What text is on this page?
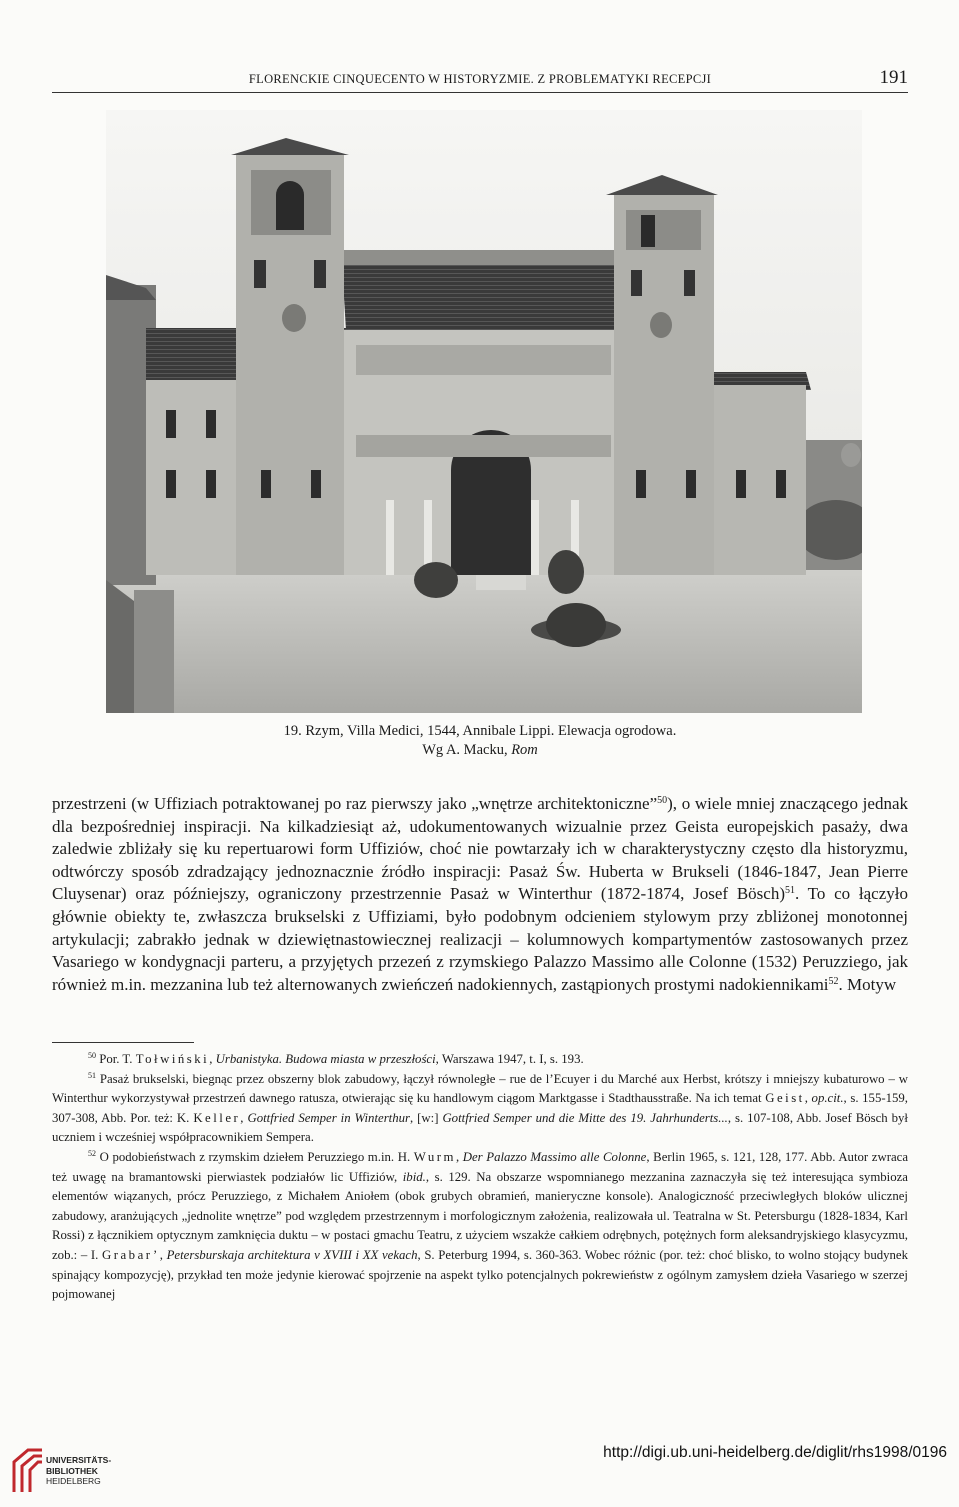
FLORENCKIE CINQUECENTO W HISTORYZMIE. Z PROBLEMATYKI RECEPCJI	191
19. Rzym, Villa Medici, 1544, Annibale Lippi. Elewacja ogrodowa.
Wg A. Macku, Rom

przestrzeni (w Uffiziach potraktowanej po raz pierwszy jako „wnętrze architektoniczne”$^{50}$), o wiele mniej znaczącego jednak dla bezpośredniej inspiracji. Na kilkadziesiąt aż, udokumentowanych wizualnie przez Geista europejskich pasaży, dwa zaledwie zbliżały się ku repertuarowi form Uffiziów, choć nie powtarzały ich w charakterystyczny często dla historyzmu, odtwórczy sposób zdradzający jednoznacznie źródło inspiracji: Pasaż Św. Huberta w Brukseli (1846-1847, Jean Pierre Cluysenar) oraz późniejszy, ograniczony przestrzennie Pasaż w Winterthur (1872-1874, Josef Bösch)$^{51}$. To co łączyło głównie obiekty te, zwłaszcza brukselski z Uffiziami, było podobnym odcieniem stylowym przy zbliżonej monotonnej artykulacji; zabrakło jednak w dziewiętnastowiecznej realizacji – kolumnowych kompartymentów zastosowanych przez Vasariego w kondygnacji parteru, a przyjętych przezeń z rzymskiego Palazzo Massimo alle Colonne (1532) Peruzziego, jak również m.in. mezzanina lub też alternowanych zwieńczeń nadokiennych, zastąpionych prostymi nadokiennikami$^{52}$. Motyw

$^{50}$ Por. T. Tołwiński, Urbanistyka. Budowa miasta w przeszłości, Warszawa 1947, t. I, s. 193.

$^{51}$ Pasaż brukselski, biegnąc przez obszerny blok zabudowy, łączył równoległe – rue de l’Ecuyer i du Marché aux Herbst, krótszy i mniejszy kubaturowo – w Winterthur wykorzystywał przestrzeń dawnego ratusza, otwierając się ku handlowym ciągom Marktgasse i Stadthausstraße. Na ich temat Geist, op.cit., s. 155-159, 307-308, Abb. Por. też: K. Keller, Gottfried Semper in Winterthur, [w:] Gottfried Semper und die Mitte des 19. Jahrhunderts..., s. 107-108, Abb. Josef Bösch był uczniem i wcześniej współpracownikiem Sempera.

$^{52}$ O podobieństwach z rzymskim dziełem Peruzziego m.in. H. Wurm, Der Palazzo Massimo alle Colonne, Berlin 1965, s. 121, 128, 177. Abb. Autor zwraca też uwagę na bramantowski pierwiastek podziałów lic Uffiziów, ibid., s. 129. Na obszarze wspomnianego mezzanina zaznaczyła się też interesująca symbioza elementów wiązanych, prócz Peruzziego, z Michałem Aniołem (obok grubych obramień, manieryczne konsole). Analogiczność przeciwległych bloków ulicznej zabudowy, aranżujących „jednolite wnętrze” pod względem przestrzennym i morfologicznym założenia, realizowała ul. Teatralna w St. Petersburgu (1828-1834, Karl Rossi) z łącznikiem optycznym zamknięcia duktu – w postaci gmachu Teatru, z użyciem wszakże całkiem odrębnych, potężnych form aleksandryjskiego klasycyzmu, zob.: – I. Grabar’, Petersburskaja architektura v XVIII i XX vekach, S. Peterburg 1994, s. 360-363. Wobec różnic (por. też: choć blisko, to wolno stojący budynek spinający kompozycję), przykład ten może jedynie kierować spojrzenie na aspekt tylko potencjalnych pokrewieństw z ogólnym zamysłem dzieła Vasariego w szerzej pojmowanej

UNIVERSITÄTS-
BIBLIOTHEK
HEIDELBERG
http://digi.ub.uni-heidelberg.de/diglit/rhs1998/0196
